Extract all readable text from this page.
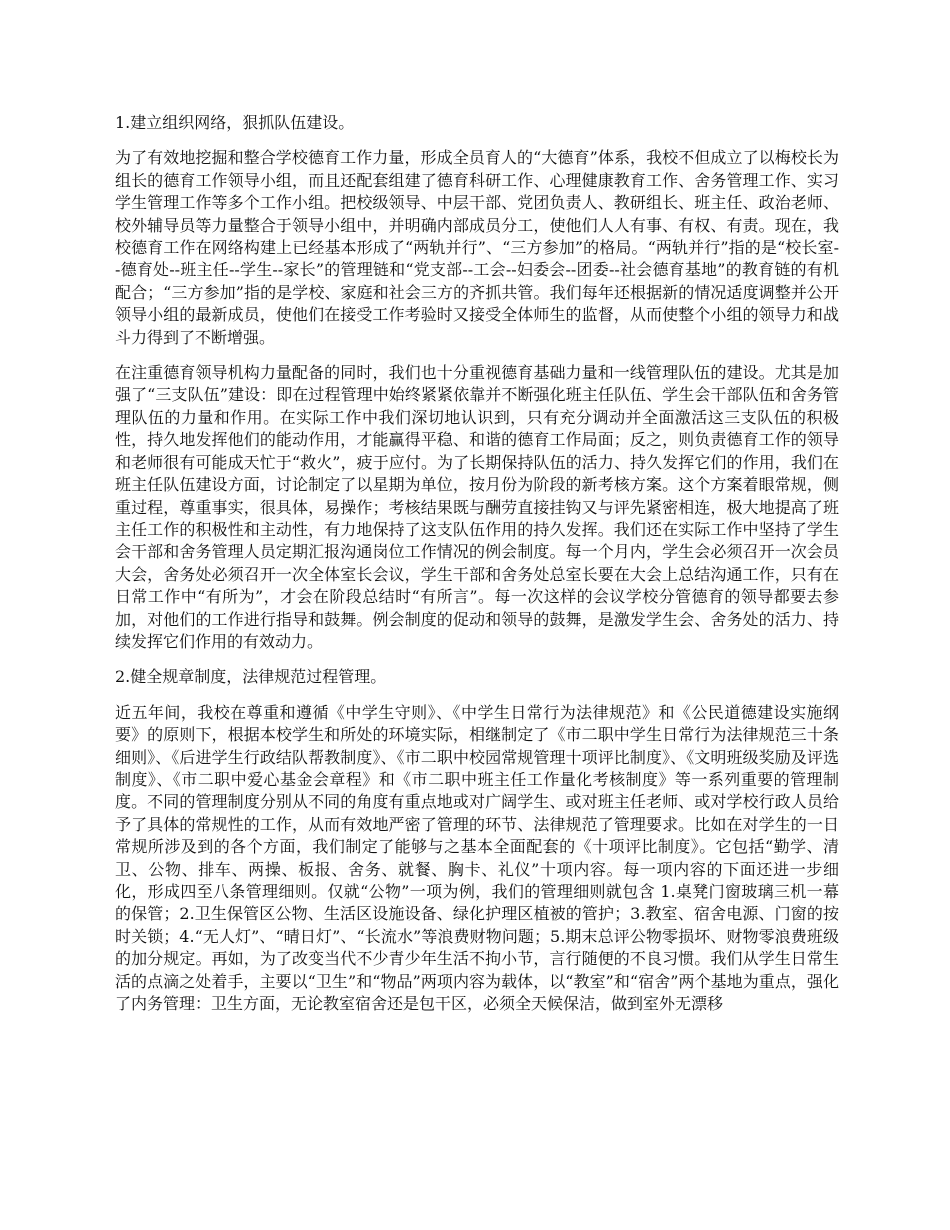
1.建立组织网络，狠抓队伍建设。

为了有效地挖掘和整合学校德育工作力量，形成全员育人的“大德育”体系，我校不但成立了以梅校长为组长的德育工作领导小组，而且还配套组建了德育科研工作、心理健康教育工作、舍务管理工作、实习学生管理工作等多个工作小组。把校级领导、中层干部、党团负责人、教研组长、班主任、政治老师、校外辅导员等力量整合于领导小组中，并明确内部成员分工，使他们人人有事、有权、有责。现在，我校德育工作在网络构建上已经基本形成了“两轨并行”、“三方参加”的格局。“两轨并行”指的是“校长室--德育处--班主任--学生--家长”的管理链和“党支部--工会--妇委会--团委--社会德育基地”的教育链的有机配合；“三方参加”指的是学校、家庭和社会三方的齐抓共管。我们每年还根据新的情况适度调整并公开领导小组的最新成员，使他们在接受工作考验时又接受全体师生的监督，从而使整个小组的领导力和战斗力得到了不断增强。

在注重德育领导机构力量配备的同时，我们也十分重视德育基础力量和一线管理队伍的建设。尤其是加强了“三支队伍”建设：即在过程管理中始终紧紧依靠并不断强化班主任队伍、学生会干部队伍和舍务管理队伍的力量和作用。在实际工作中我们深切地认识到，只有充分调动并全面激活这三支队伍的积极性，持久地发挥他们的能动作用，才能赢得平稳、和谐的德育工作局面；反之，则负责德育工作的领导和老师很有可能成天忙于“救火”，疲于应付。为了长期保持队伍的活力、持久发挥它们的作用，我们在班主任队伍建设方面，讨论制定了以星期为单位，按月份为阶段的新考核方案。这个方案着眼常规，侧重过程，尊重事实，很具体，易操作；考核结果既与酬劳直接挂钩又与评先紧密相连，极大地提高了班主任工作的积极性和主动性，有力地保持了这支队伍作用的持久发挥。我们还在实际工作中坚持了学生会干部和舍务管理人员定期汇报沟通岗位工作情况的例会制度。每一个月内，学生会必须召开一次会员大会，舍务处必须召开一次全体室长会议，学生干部和舍务处总室长要在大会上总结沟通工作，只有在日常工作中“有所为”，才会在阶段总结时“有所言”。每一次这样的会议学校分管德育的领导都要去参加，对他们的工作进行指导和鼓舞。例会制度的促动和领导的鼓舞，是激发学生会、舍务处的活力、持续发挥它们作用的有效动力。

2.健全规章制度，法律规范过程管理。

近五年间，我校在尊重和遵循《中学生守则》、《中学生日常行为法律规范》和《公民道德建设实施纲要》的原则下，根据本校学生和所处的环境实际，相继制定了《市二职中学生日常行为法律规范三十条细则》、《后进学生行政结队帮教制度》、《市二职中校园常规管理十项评比制度》、《文明班级奖励及评选制度》、《市二职中爱心基金会章程》和《市二职中班主任工作量化考核制度》等一系列重要的管理制度。不同的管理制度分别从不同的角度有重点地或对广阔学生、或对班主任老师、或对学校行政人员给予了具体的常规性的工作，从而有效地严密了管理的环节、法律规范了管理要求。比如在对学生的一日常规所涉及到的各个方面，我们制定了能够与之基本全面配套的《十项评比制度》。它包括“勤学、清卫、公物、排车、两操、板报、舍务、就餐、胸卡、礼仪”十项内容。每一项内容的下面还进一步细化，形成四至八条管理细则。仅就“公物”一项为例，我们的管理细则就包含 1.桌凳门窗玻璃三机一幕的保管；2.卫生保管区公物、生活区设施设备、绿化护理区植被的管护；3.教室、宿舍电源、门窗的按时关锁；4.“无人灯”、“晴日灯”、“长流水”等浪费财物问题；5.期末总评公物零损坏、财物零浪费班级的加分规定。再如，为了改变当代不少青少年生活不拘小节，言行随便的不良习惯。我们从学生日常生活的点滴之处着手，主要以“卫生”和“物品”两项内容为载体，以“教室”和“宿舍”两个基地为重点，强化了内务管理：卫生方面，无论教室宿舍还是包干区，必须全天候保洁，做到室外无漂移
